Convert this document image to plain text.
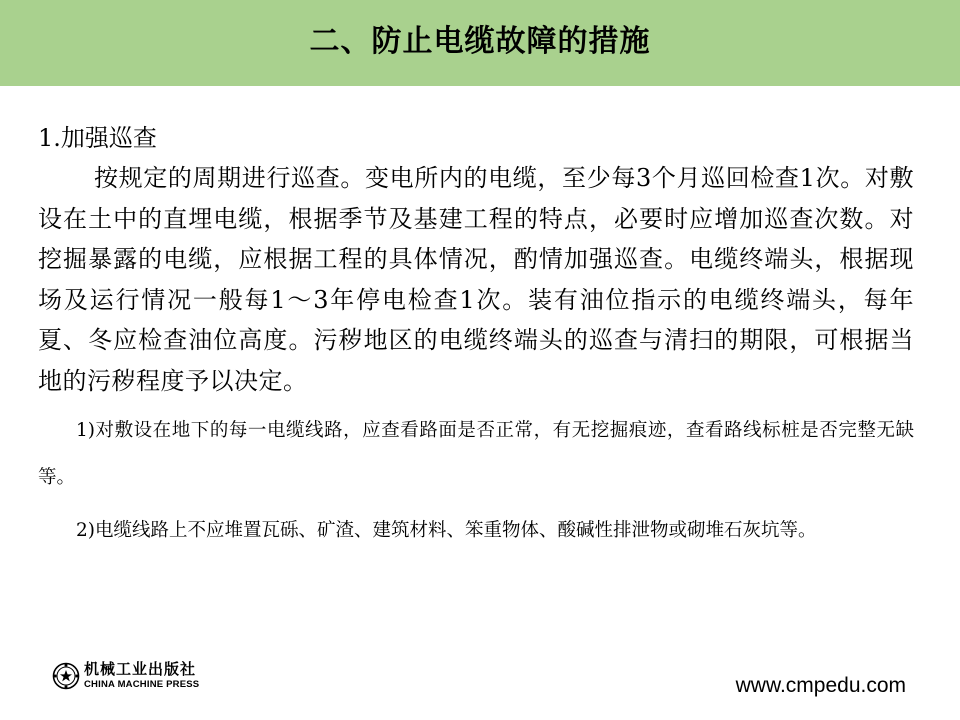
二、防止电缆故障的措施

1.加强巡查

按规定的周期进行巡查。变电所内的电缆，至少每3个月巡回检查1次。对敷设在土中的直埋电缆，根据季节及基建工程的特点，必要时应增加巡查次数。对挖掘暴露的电缆，应根据工程的具体情况，酌情加强巡查。电缆终端头，根据现场及运行情况一般每1～3年停电检查1次。装有油位指示的电缆终端头，每年夏、冬应检查油位高度。污秽地区的电缆终端头的巡查与清扫的期限，可根据当地的污秽程度予以决定。

1)对敷设在地下的每一电缆线路，应查看路面是否正常，有无挖掘痕迹，查看路线标桩是否完整无缺等。

2)电缆线路上不应堆置瓦砾、矿渣、建筑材料、笨重物体、酸碱性排泄物或砌堆石灰坑等。

机械工业出版社
CHINA MACHINE PRESS	www.cmpedu.com
